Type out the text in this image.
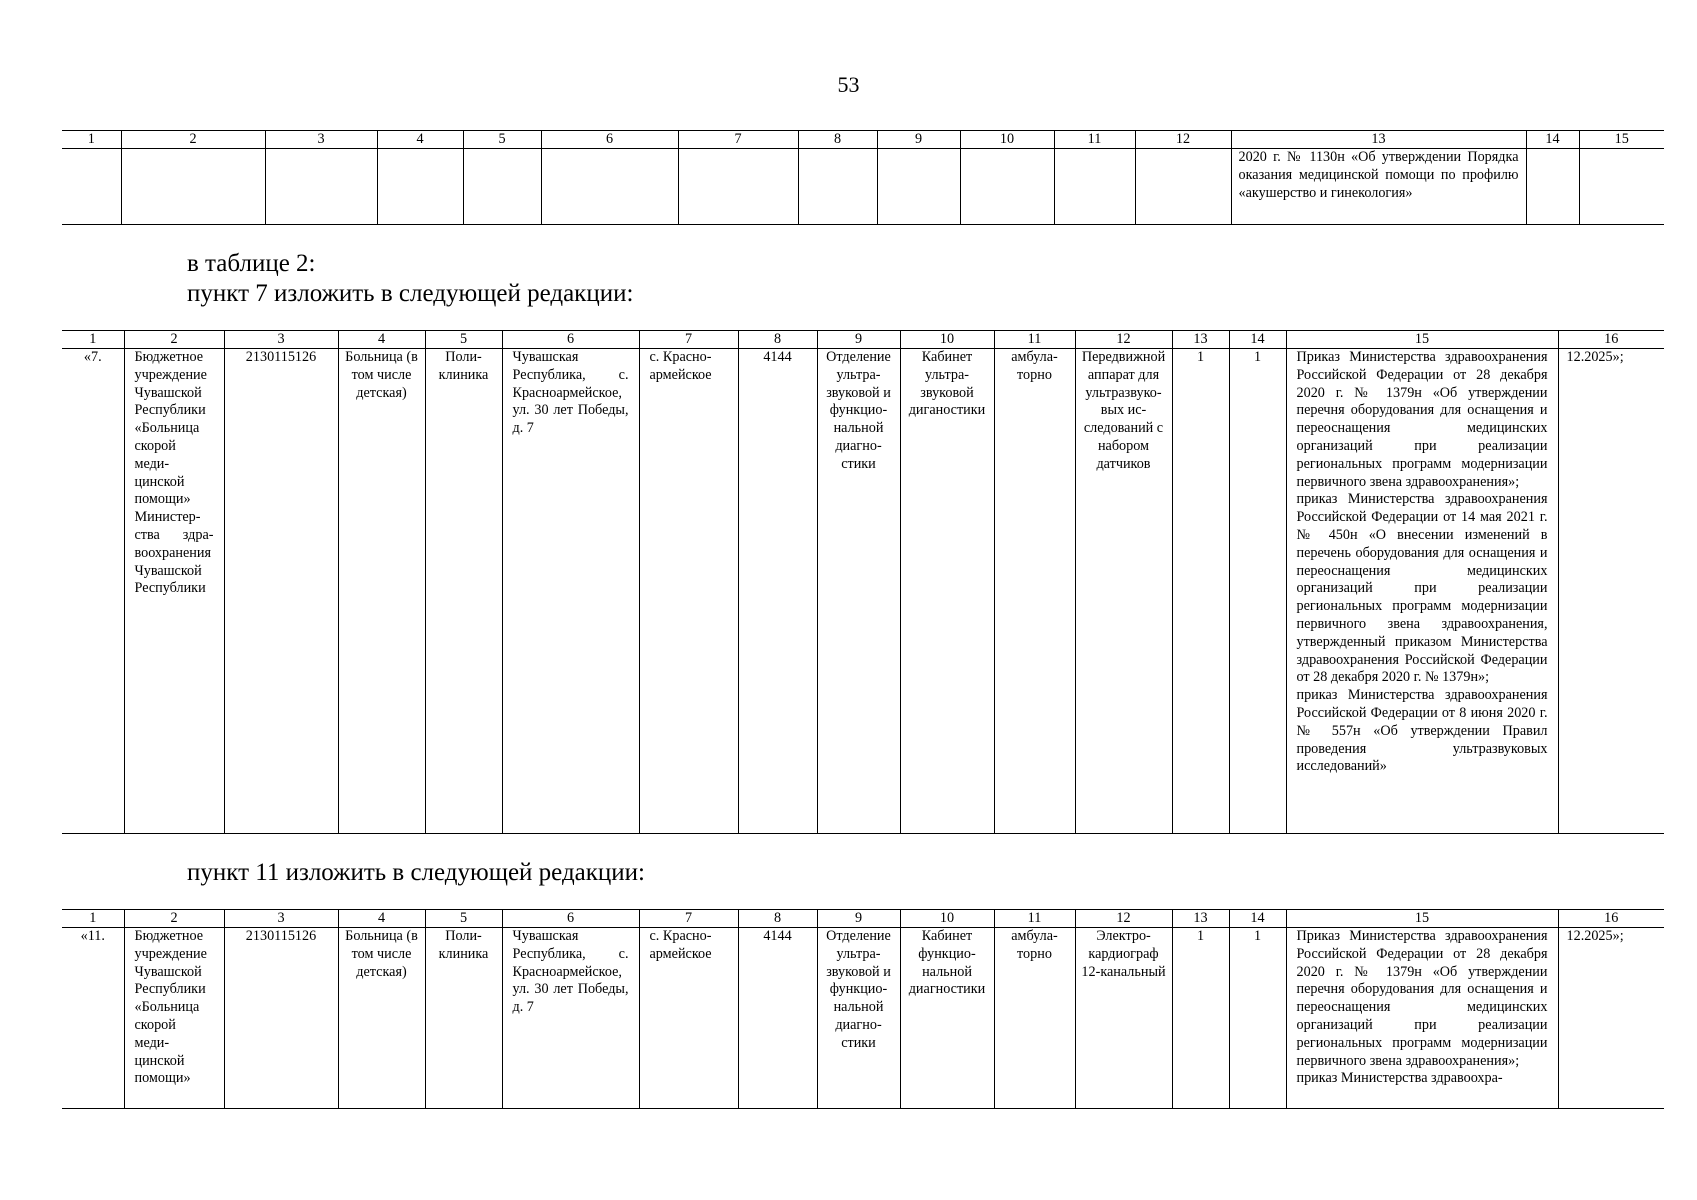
53
1	2	3	4	5	6	7	8	9	10	11	12	13	14	15
												2020 г. № 1130н «Об утверждении Порядка оказания медицинской помощи по профилю «акушерство и гинекология»		
в таблице 2:
пункт 7 изложить в следующей редакции:
1	2	3	4	5	6	7	8	9	10	11	12	13	14	15	16
«7.	Бюджетное учреждение Чувашской Республики «Больница скорой медицинской помощи» Министерства здравоохранения Чувашской Республики	2130115126	Больница (в том числе детская)	Поликлиника	Чувашская Республика, с. Красноармейское, ул. 30 лет Победы, д. 7	с. Красноармейское	4144	Отделение ультразвуковой и функциональной диагностики	Кабинет ультразвуковой диганостики	амбулаторно	Передвижной аппарат для ультразвуковых исследований с набором датчиков	1	1	Приказ Министерства здравоохранения Российской Федерации от 28 декабря 2020 г. № 1379н «Об утверждении перечня оборудования для оснащения и переоснащения медицинских организаций при реализации региональных программ модернизации первичного звена здравоохранения»;
приказ Министерства здравоохранения Российской Федерации от 14 мая 2021 г. № 450н «О внесении изменений в перечень оборудования для оснащения и переоснащения медицинских организаций при реализации региональных программ модернизации первичного звена здравоохранения, утвержденный приказом Министерства здравоохранения Российской Федерации от 28 декабря 2020 г. № 1379н»;
приказ Министерства здравоохранения Российской Федерации от 8 июня 2020 г. № 557н «Об утверждении Правил проведения ультразвуковых исследований»	12.2025»;
пункт 11 изложить в следующей редакции:
1	2	3	4	5	6	7	8	9	10	11	12	13	14	15	16
«11.	Бюджетное учреждение Чувашской Республики «Больница скорой медицинской помощи»	2130115126	Больница (в том числе детская)	Поликлиника	Чувашская Республика, с. Красноармейское, ул. 30 лет Победы, д. 7	с. Красноармейское	4144	Отделение ультразвуковой и функциональной диагностики	Кабинет функциональной диагностики	амбулаторно	Электрокардиограф 12-канальный	1	1	Приказ Министерства здравоохранения Российской Федерации от 28 декабря 2020 г. № 1379н «Об утверждении перечня оборудования для оснащения и переоснащения медицинских организаций при реализации региональных программ модернизации первичного звена здравоохранения»;
приказ Министерства здравоохра-	12.2025»;
